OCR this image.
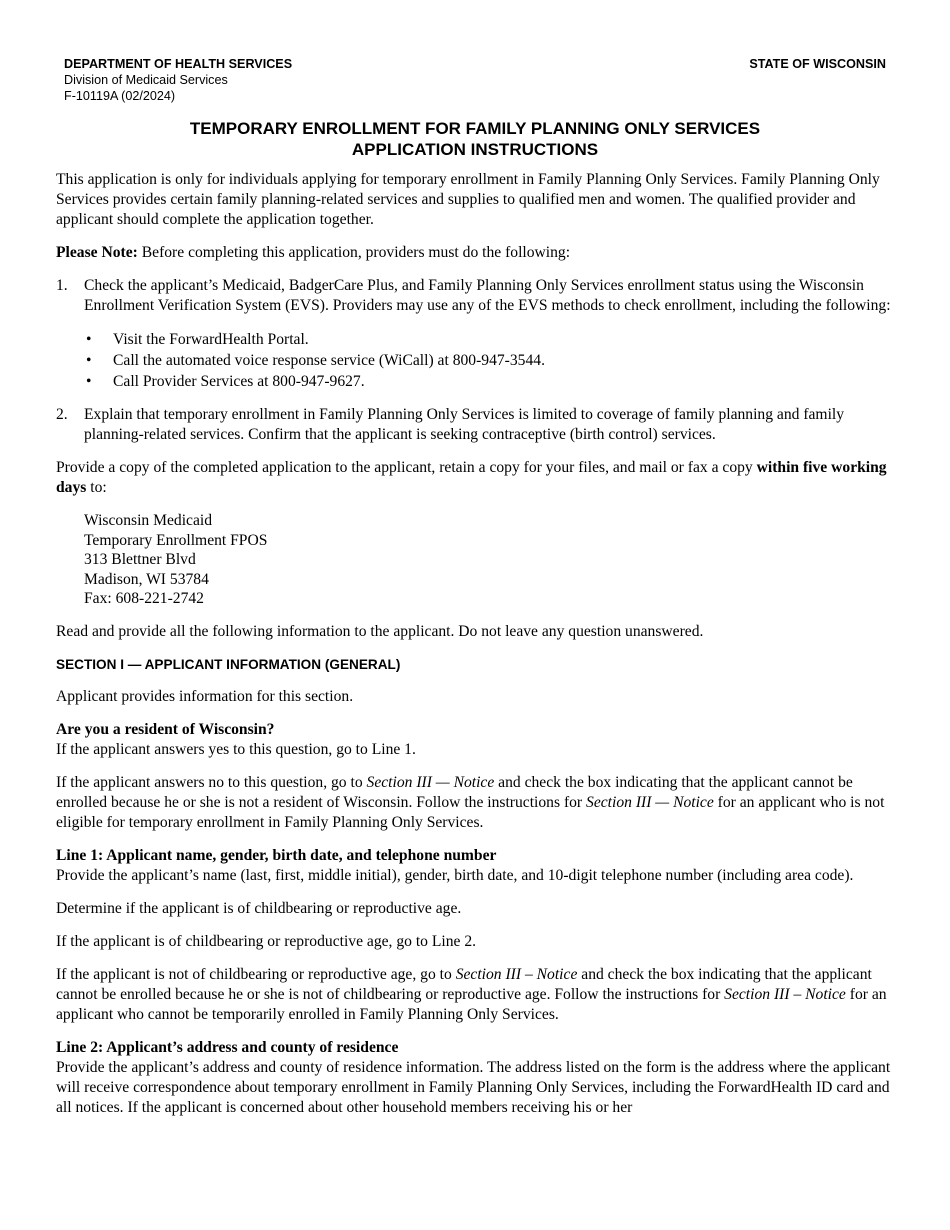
DEPARTMENT OF HEALTH SERVICES
Division of Medicaid Services
F-10119A (02/2024)
STATE OF WISCONSIN
TEMPORARY ENROLLMENT FOR FAMILY PLANNING ONLY SERVICES
APPLICATION INSTRUCTIONS

This application is only for individuals applying for temporary enrollment in Family Planning Only Services. Family Planning Only Services provides certain family planning-related services and supplies to qualified men and women. The qualified provider and applicant should complete the application together.

Please Note: Before completing this application, providers must do the following:

1.	Check the applicant’s Medicaid, BadgerCare Plus, and Family Planning Only Services enrollment status using the Wisconsin Enrollment Verification System (EVS). Providers may use any of the EVS methods to check enrollment, including the following:
•	Visit the ForwardHealth Portal.
•	Call the automated voice response service (WiCall) at 800-947-3544.
•	Call Provider Services at 800-947-9627.
2.	Explain that temporary enrollment in Family Planning Only Services is limited to coverage of family planning and family planning-related services. Confirm that the applicant is seeking contraceptive (birth control) services.

Provide a copy of the completed application to the applicant, retain a copy for your files, and mail or fax a copy within five working days to:

Wisconsin Medicaid
Temporary Enrollment FPOS
313 Blettner Blvd
Madison, WI 53784
Fax: 608-221-2742

Read and provide all the following information to the applicant. Do not leave any question unanswered.

SECTION I — APPLICANT INFORMATION (GENERAL)

Applicant provides information for this section.

Are you a resident of Wisconsin?
If the applicant answers yes to this question, go to Line 1.

If the applicant answers no to this question, go to Section III — Notice and check the box indicating that the applicant cannot be enrolled because he or she is not a resident of Wisconsin. Follow the instructions for Section III — Notice for an applicant who is not eligible for temporary enrollment in Family Planning Only Services.

Line 1: Applicant name, gender, birth date, and telephone number
Provide the applicant’s name (last, first, middle initial), gender, birth date, and 10-digit telephone number (including area code).

Determine if the applicant is of childbearing or reproductive age.

If the applicant is of childbearing or reproductive age, go to Line 2.

If the applicant is not of childbearing or reproductive age, go to Section III – Notice and check the box indicating that the applicant cannot be enrolled because he or she is not of childbearing or reproductive age. Follow the instructions for Section III – Notice for an applicant who cannot be temporarily enrolled in Family Planning Only Services.

Line 2: Applicant’s address and county of residence
Provide the applicant’s address and county of residence information. The address listed on the form is the address where the applicant will receive correspondence about temporary enrollment in Family Planning Only Services, including the ForwardHealth ID card and all notices. If the applicant is concerned about other household members receiving his or her
